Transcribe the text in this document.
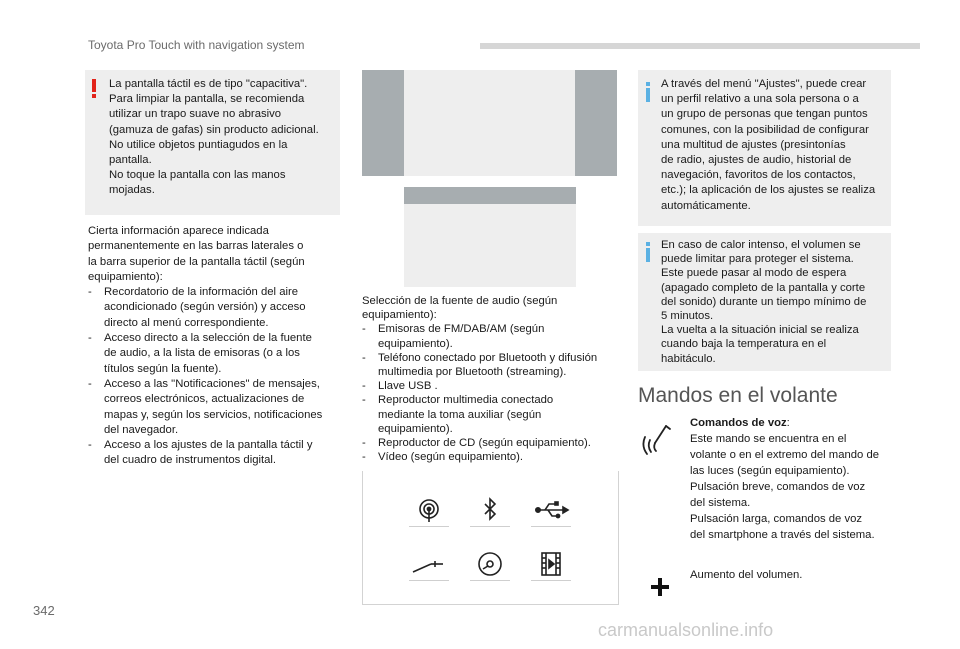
Toyota Pro Touch with navigation system

La pantalla táctil es de tipo "capacitiva".
Para limpiar la pantalla, se recomienda
utilizar un trapo suave no abrasivo
(gamuza de gafas) sin producto adicional.

No utilice objetos puntiagudos en la
pantalla.

No toque la pantalla con las manos
mojadas.

Cierta información aparece indicada
permanentemente en las barras laterales o
la barra superior de la pantalla táctil (según
equipamiento):

- Recordatorio de la información del aire
acondicionado (según versión) y acceso
directo al menú correspondiente.
- Acceso directo a la selección de la fuente
de audio, a la lista de emisoras (o a los
títulos según la fuente).
- Acceso a las "Notificaciones" de mensajes,
correos electrónicos, actualizaciones de
mapas y, según los servicios, notificaciones
del navegador.
- Acceso a los ajustes de la pantalla táctil y
del cuadro de instrumentos digital.

Selección de la fuente de audio (según
equipamiento):

- Emisoras de FM/DAB/AM (según
equipamiento).
- Teléfono conectado por Bluetooth y difusión
multimedia por Bluetooth (streaming).
- Llave USB .
- Reproductor multimedia conectado
mediante la toma auxiliar (según
equipamiento).
- Reproductor de CD (según equipamiento).
- Vídeo (según equipamiento).

A través del menú "Ajustes", puede crear
un perfil relativo a una sola persona o a
un grupo de personas que tengan puntos
comunes, con la posibilidad de configurar
una multitud de ajustes (presintonías
de radio, ajustes de audio, historial de
navegación, favoritos de los contactos,
etc.); la aplicación de los ajustes se realiza
automáticamente.

En caso de calor intenso, el volumen se
puede limitar para proteger el sistema.
Este puede pasar al modo de espera
(apagado completo de la pantalla y corte
del sonido) durante un tiempo mínimo de
5 minutos.

La vuelta a la situación inicial se realiza
cuando baja la temperatura en el
habitáculo.

Mandos en el volante

Comandos de voz:

Este mando se encuentra en el
volante o en el extremo del mando de
las luces (según equipamiento).
Pulsación breve, comandos de voz
del sistema.
Pulsación larga, comandos de voz
del smartphone a través del sistema.

Aumento del volumen.

342
carmanualsonline.info
